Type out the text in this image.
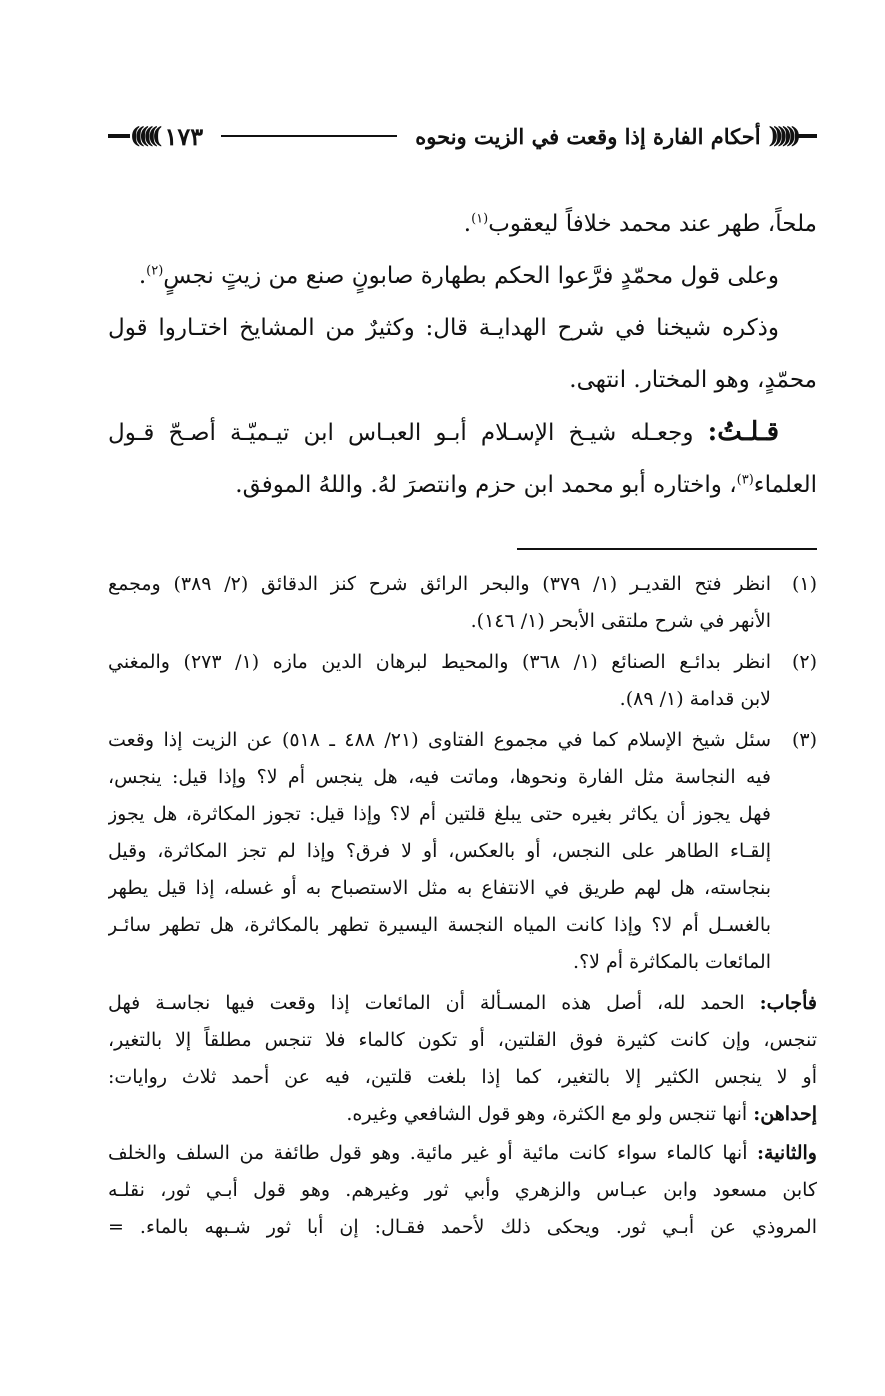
((((((
أحكام الفارة إذا وقعت في الزيت ونحوه
١٧٣
))))))
ملحاً، طهر عند محمد خلافاً ليعقوب$^{(١)}$.
وعلى قول محمّدٍ فرَّعوا الحكم بطهارة صابونٍ صنع من زيتٍ نجسٍ$^{(٢)}$.
وذكره شيخنا في شرح الهدايـة قال: وكثيرٌ من المشايخ اختـاروا قول
محمّدٍ، وهو المختار. انتهى.
قـلـتُ: وجعـله شيـخ الإسـلام أبـو العبـاس ابن تيـميّـة أصـحّ قـول
العلماء$^{(٣)}$، واختاره أبو محمد ابن حزم وانتصرَ لهُ. واللهُ الموفق.
(١)
انظر فتح القديـر (١/ ٣٧٩) والبحر الرائق شرح كنز الدقائق (٢/ ٣٨٩) ومجمع
الأنهر في شرح ملتقى الأبحر (١/ ١٤٦).
(٢)
انظر بدائـع الصنائع (١/ ٣٦٨) والمحيط لبرهان الدين مازه (١/ ٢٧٣) والمغني
لابن قدامة (١/ ٨٩).
(٣)
سئل شيخ الإسلام كما في مجموع الفتاوى (٢١/ ٤٨٨ ـ ٥١٨) عن الزيت إذا وقعت
فيه النجاسة مثل الفارة ونحوها، وماتت فيه، هل ينجس أم لا؟ وإذا قيل: ينجس،
فهل يجوز أن يكاثر بغيره حتى يبلغ قلتين أم لا؟ وإذا قيل: تجوز المكاثرة، هل يجوز
إلقـاء الطاهر على النجس، أو بالعكس، أو لا فرق؟ وإذا لم تجز المكاثرة، وقيل
بنجاسته، هل لهم طريق في الانتفاع به مثل الاستصباح به أو غسله، إذا قيل يطهر
بالغسـل أم لا؟ وإذا كانت المياه النجسة اليسيرة تطهر بالمكاثرة، هل تطهر سائـر
المائعات بالمكاثرة أم لا؟.
فأجاب: الحمد لله، أصل هذه المسـألة أن المائعات إذا وقعت فيها نجاسـة فهل
تنجس، وإن كانت كثيرة فوق القلتين، أو تكون كالماء فلا تنجس مطلقاً إلا بالتغير،
أو لا ينجس الكثير إلا بالتغير، كما إذا بلغت قلتين، فيه عن أحمد ثلاث روايات:
إحداهن: أنها تنجس ولو مع الكثرة، وهو قول الشافعي وغيره.
والثانية: أنها كالماء سواء كانت مائية أو غير مائية. وهو قول طائفة من السلف والخلف
كابن مسعود وابن عبـاس والزهري وأبي ثور وغيرهم. وهو قول أبـي ثور، نقلـه
المروذي عن أبـي ثور. ويحكى ذلك لأحمد فقـال: إن أبا ثور شـبهه بالماء. =
